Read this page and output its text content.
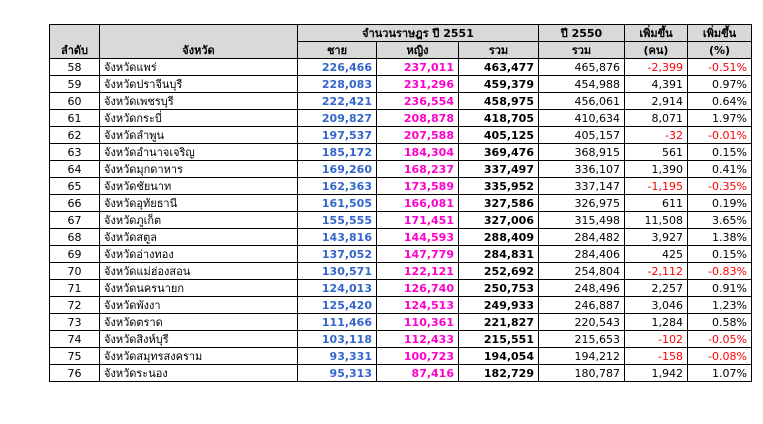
ลำดับ	จังหวัด	จำนวนราษฎร ปี 2551			ปี 2550	เพิ่มขึ้น	เพิ่มขึ้น
		ชาย	หญิง	รวม	รวม	(คน)	(%)
58	จังหวัดแพร่	226,466	237,011	463,477	465,876	-2,399	-0.51%
59	จังหวัดปราจีนบุรี	228,083	231,296	459,379	454,988	4,391	0.97%
60	จังหวัดเพชรบุรี	222,421	236,554	458,975	456,061	2,914	0.64%
61	จังหวัดกระบี่	209,827	208,878	418,705	410,634	8,071	1.97%
62	จังหวัดลำพูน	197,537	207,588	405,125	405,157	-32	-0.01%
63	จังหวัดอำนาจเจริญ	185,172	184,304	369,476	368,915	561	0.15%
64	จังหวัดมุกดาหาร	169,260	168,237	337,497	336,107	1,390	0.41%
65	จังหวัดชัยนาท	162,363	173,589	335,952	337,147	-1,195	-0.35%
66	จังหวัดอุทัยธานี	161,505	166,081	327,586	326,975	611	0.19%
67	จังหวัดภูเก็ต	155,555	171,451	327,006	315,498	11,508	3.65%
68	จังหวัดสตูล	143,816	144,593	288,409	284,482	3,927	1.38%
69	จังหวัดอ่างทอง	137,052	147,779	284,831	284,406	425	0.15%
70	จังหวัดแม่ฮ่องสอน	130,571	122,121	252,692	254,804	-2,112	-0.83%
71	จังหวัดนครนายก	124,013	126,740	250,753	248,496	2,257	0.91%
72	จังหวัดพังงา	125,420	124,513	249,933	246,887	3,046	1.23%
73	จังหวัดตราด	111,466	110,361	221,827	220,543	1,284	0.58%
74	จังหวัดสิงห์บุรี	103,118	112,433	215,551	215,653	-102	-0.05%
75	จังหวัดสมุทรสงคราม	93,331	100,723	194,054	194,212	-158	-0.08%
76	จังหวัดระนอง	95,313	87,416	182,729	180,787	1,942	1.07%
